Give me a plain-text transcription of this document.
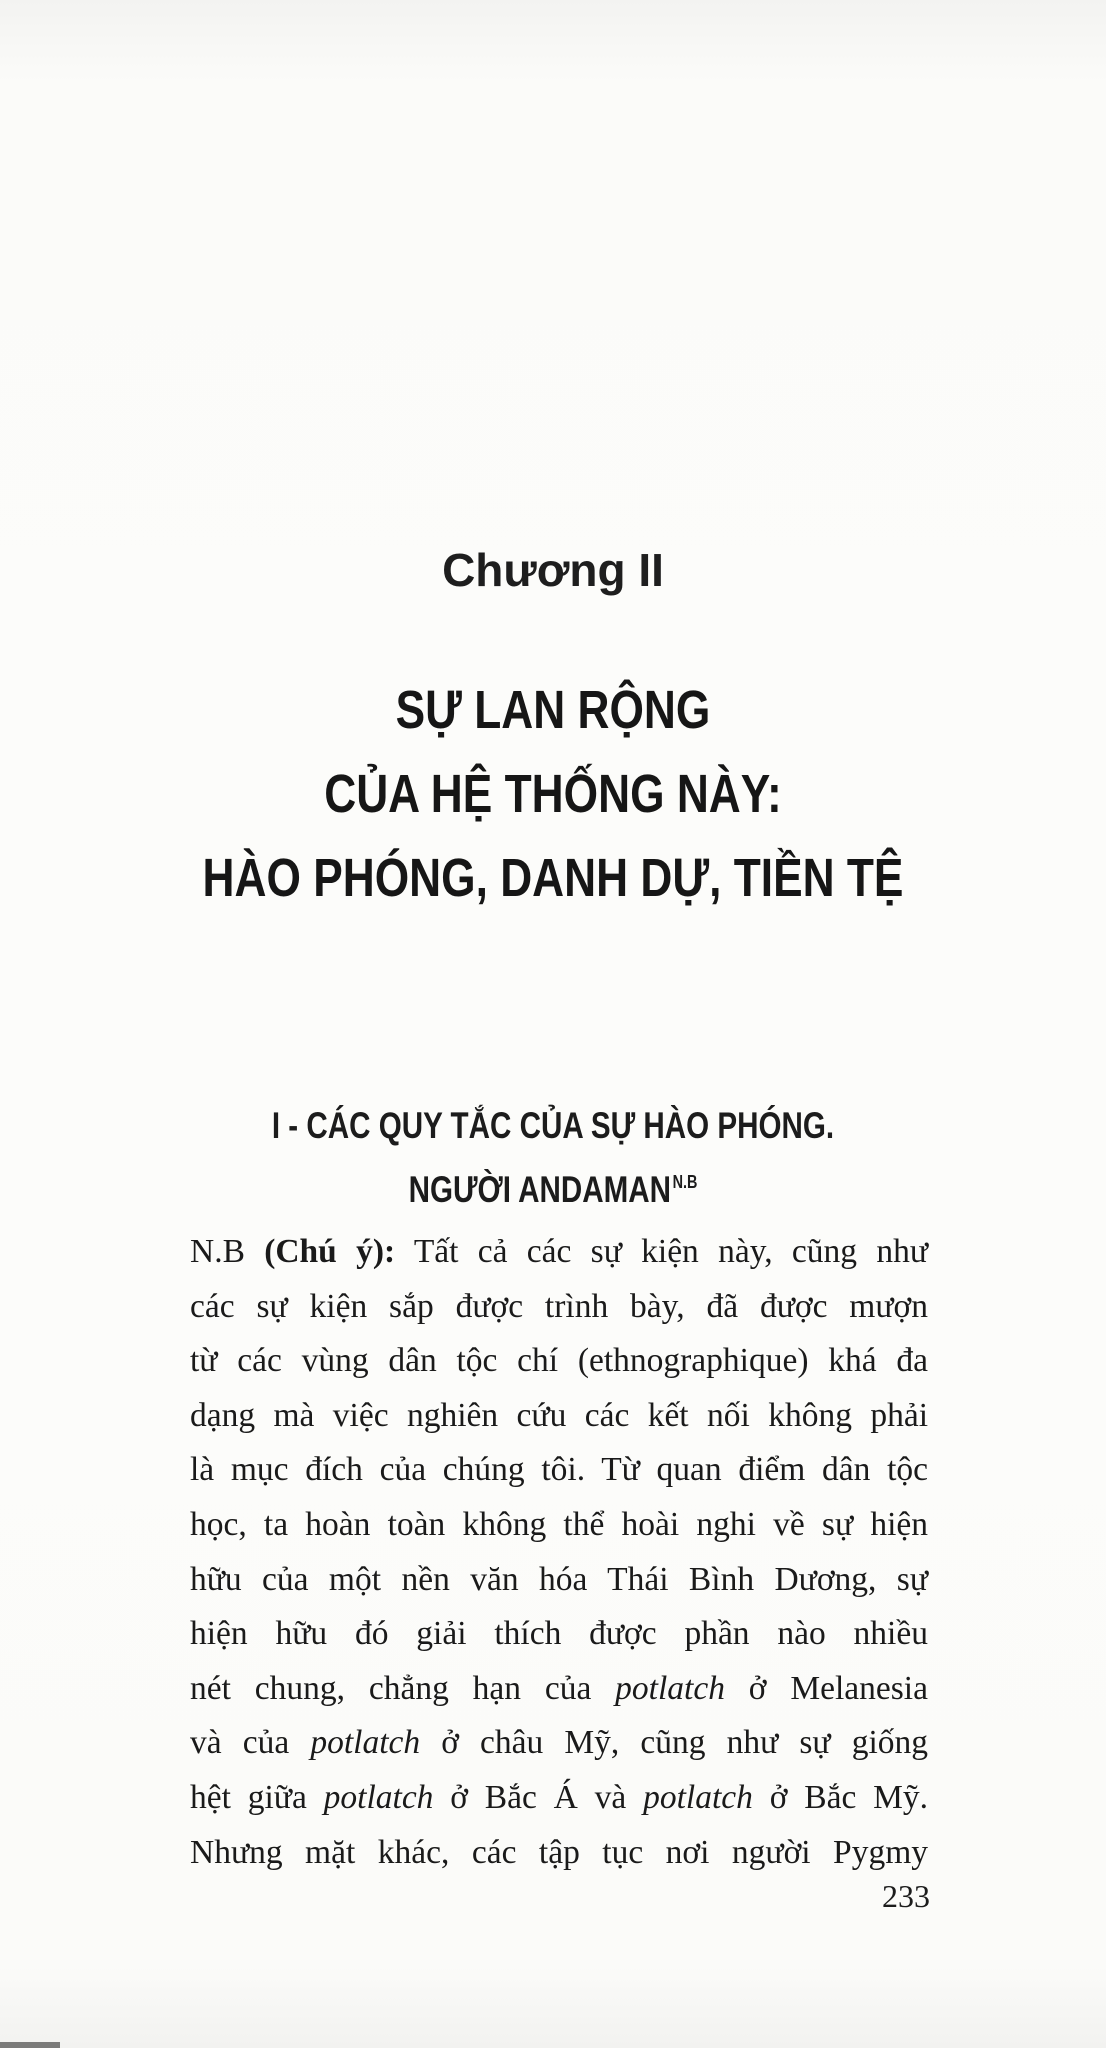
Chương II
SỰ LAN RỘNG
CỦA HỆ THỐNG NÀY:
HÀO PHÓNG, DANH DỰ, TIỀN TỆ
I - CÁC QUY TẮC CỦA SỰ HÀO PHÓNG.
NGƯỜI $ANDAMAN^{N.B}$
N.B (Chú ý): Tất cả các sự kiện này, cũng như
các sự kiện sắp được trình bày, đã được mượn
từ các vùng dân tộc chí (ethnographique) khá đa
dạng mà việc nghiên cứu các kết nối không phải
là mục đích của chúng tôi. Từ quan điểm dân tộc
học, ta hoàn toàn không thể hoài nghi về sự hiện
hữu của một nền văn hóa Thái Bình Dương, sự
hiện hữu đó giải thích được phần nào nhiều
nét chung, chẳng hạn của potlatch ở Melanesia
và của potlatch ở châu Mỹ, cũng như sự giống
hệt giữa potlatch ở Bắc Á và potlatch ở Bắc Mỹ.
Nhưng mặt khác, các tập tục nơi người Pygmy
233
